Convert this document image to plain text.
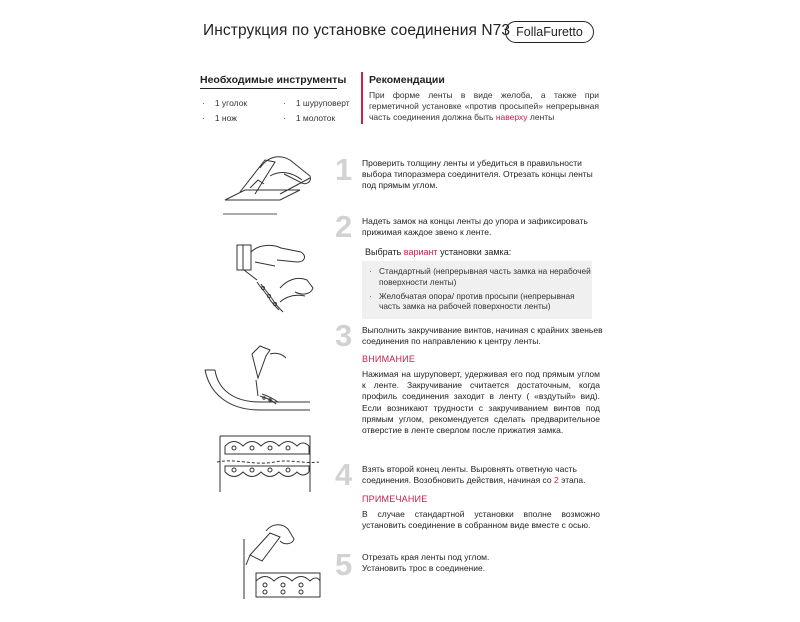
Инструкция по установке соединения N73 FollaFuretto
Необходимые инструменты
· 1 уголок	· 1 шуруповерт
· 1 нож	· 1 молоток
Рекомендации
При форме ленты в виде желоба, а также при герметичной установке «против просыпей» непрерывная часть соединения должна быть наверху ленты
1
2
3
4
5
Проверить толщину ленты и убедиться в правильности выбора типоразмера соединителя. Отрезать концы ленты под прямым углом.
Надеть замок на концы ленты до упора и зафиксировать прижимая каждое звено к ленте.
Выбрать вариант установки замка:
· Стандартный (непрерывная часть замка на нерабочей поверхности ленты)
· Желобчатая опора/ против просыпи (непрерывная часть замка на рабочей поверхности ленты)
Выполнить закручивание винтов, начиная с крайних звеньев соединения по направлению к центру ленты.
ВНИМАНИЕ
Нажимая на шуруповерт, удерживая его под прямым углом к ленте. Закручивание считается достаточным, когда профиль соединения заходит в ленту ( «вздутый» вид). Если возникают трудности с закручиванием винтов под прямым углом, рекомендуется сделать предварительное отверстие в ленте сверлом после прижатия замка.
Взять второй конец ленты. Выровнять ответную часть соединения. Возобновить действия, начиная со 2 этапа.
ПРИМЕЧАНИЕ
В случае стандартной установки вполне возможно установить соединение в собранном виде вместе с осью.
Отрезать края ленты под углом. Установить трос в соединение.
